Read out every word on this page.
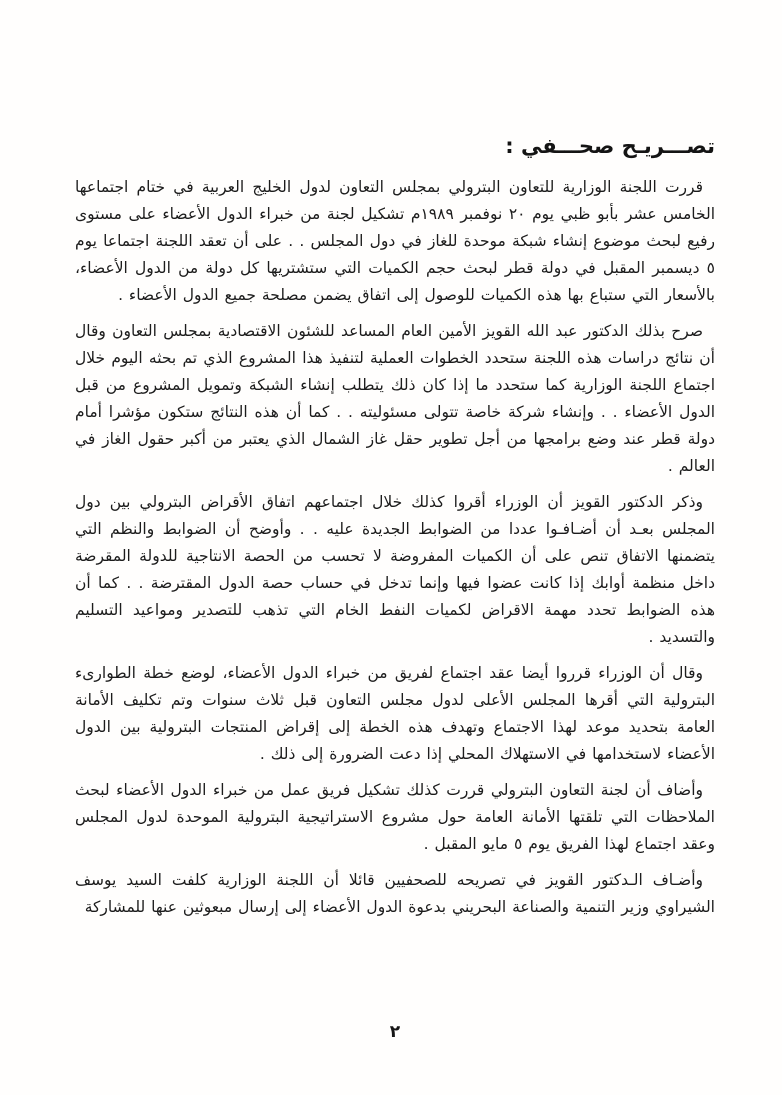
تصـــريـح صحـــفي :

قررت اللجنة الوزارية للتعاون البترولي بمجلس التعاون لدول الخليج العربية في ختام اجتماعها الخامس عشر بأبو ظبي يوم ٢٠ نوفمبر ١٩٨٩م تشكيل لجنة من خبراء الدول الأعضاء على مستوى رفيع لبحث موضوع إنشاء شبكة موحدة للغاز في دول المجلس . . على أن تعقد اللجنة اجتماعا يوم ٥ ديسمبر المقبل في دولة قطر لبحث حجم الكميات التي ستشتريها كل دولة من الدول الأعضاء، بالأسعار التي ستباع بها هذه الكميات للوصول إلى اتفاق يضمن مصلحة جميع الدول الأعضاء .

صرح بذلك الدكتور عبد الله القويز الأمين العام المساعد للشئون الاقتصادية بمجلس التعاون وقال أن نتائج دراسات هذه اللجنة ستحدد الخطوات العملية لتنفيذ هذا المشروع الذي تم بحثه اليوم خلال اجتماع اللجنة الوزارية كما ستحدد ما إذا كان ذلك يتطلب إنشاء الشبكة وتمويل المشروع من قبل الدول الأعضاء . . وإنشاء شركة خاصة تتولى مسئوليته . . كما أن هذه النتائج ستكون مؤشرا أمام دولة قطر عند وضع برامجها من أجل تطوير حقل غاز الشمال الذي يعتبر من أكبر حقول الغاز في العالم .

وذكر الدكتور القويز أن الوزراء أقروا كذلك خلال اجتماعهم اتفاق الأقراض البترولي بين دول المجلس بعـد أن أضـافـوا عددا من الضوابط الجديدة عليه . . وأوضح أن الضوابط والنظم التي يتضمنها الاتفاق تنص على أن الكميات المفروضة لا تحسب من الحصة الانتاجية للدولة المقرضة داخل منظمة أوابك إذا كانت عضوا فيها وإنما تدخل في حساب حصة الدول المقترضة . . كما أن هذه الضوابط تحدد مهمة الاقراض لكميات النفط الخام التي تذهب للتصدير ومواعيد التسليم والتسديد .

وقال أن الوزراء قرروا أيضا عقد اجتماع لفريق من خبراء الدول الأعضاء، لوضع خطة الطوارىء البترولية التي أقرها المجلس الأعلى لدول مجلس التعاون قبل ثلاث سنوات وتم تكليف الأمانة العامة بتحديد موعد لهذا الاجتماع وتهدف هذه الخطة إلى إقراض المنتجات البترولية بين الدول الأعضاء لاستخدامها في الاستهلاك المحلي إذا دعت الضرورة إلى ذلك .

وأضاف أن لجنة التعاون البترولي قررت كذلك تشكيل فريق عمل من خبراء الدول الأعضاء لبحث الملاحظات التي تلقتها الأمانة العامة حول مشروع الاستراتيجية البترولية الموحدة لدول المجلس وعقد اجتماع لهذا الفريق يوم ٥ مايو المقبل .

وأضـاف الـدكتور القويز في تصريحه للصحفيين قائلا أن اللجنة الوزارية كلفت السيد يوسف الشيراوي وزير التنمية والصناعة البحريني بدعوة الدول الأعضاء إلى إرسال مبعوثين عنها للمشاركة

٢
